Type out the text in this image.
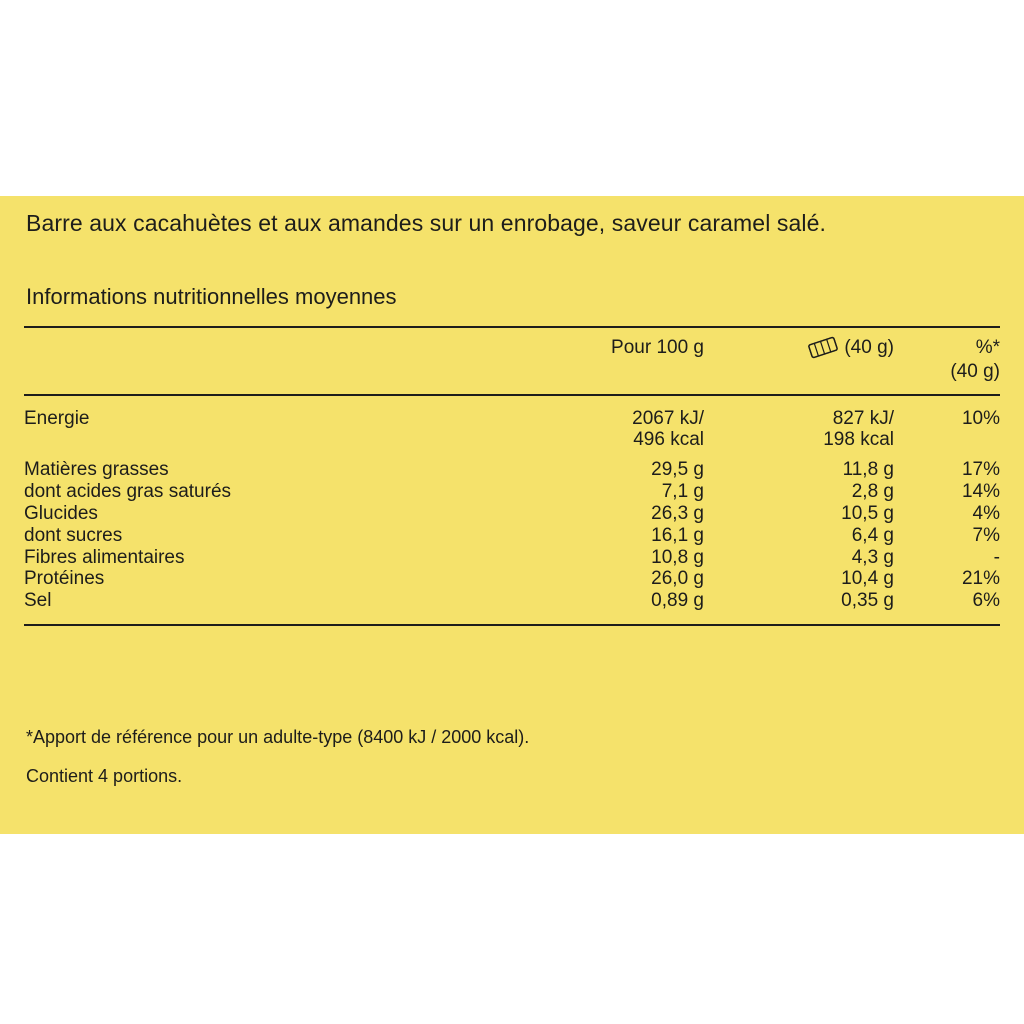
Barre aux cacahuètes et aux amandes sur un enrobage, saveur caramel salé.
Informations nutritionnelles moyennes
	Pour 100 g	(40 g)	%*
(40 g)

Energie	2067 kJ/	827 kJ/	10%
	496 kcal	198 kcal	
Matières grasses	29,5 g	11,8 g	17%
dont acides gras saturés	7,1 g	2,8 g	14%
Glucides	26,3 g	10,5 g	4%
dont sucres	16,1 g	6,4 g	7%
Fibres alimentaires	10,8 g	4,3 g	-
Protéines	26,0 g	10,4 g	21%
Sel	0,89 g	0,35 g	6%
*Apport de référence pour un adulte-type (8400 kJ / 2000 kcal).
Contient 4 portions.
